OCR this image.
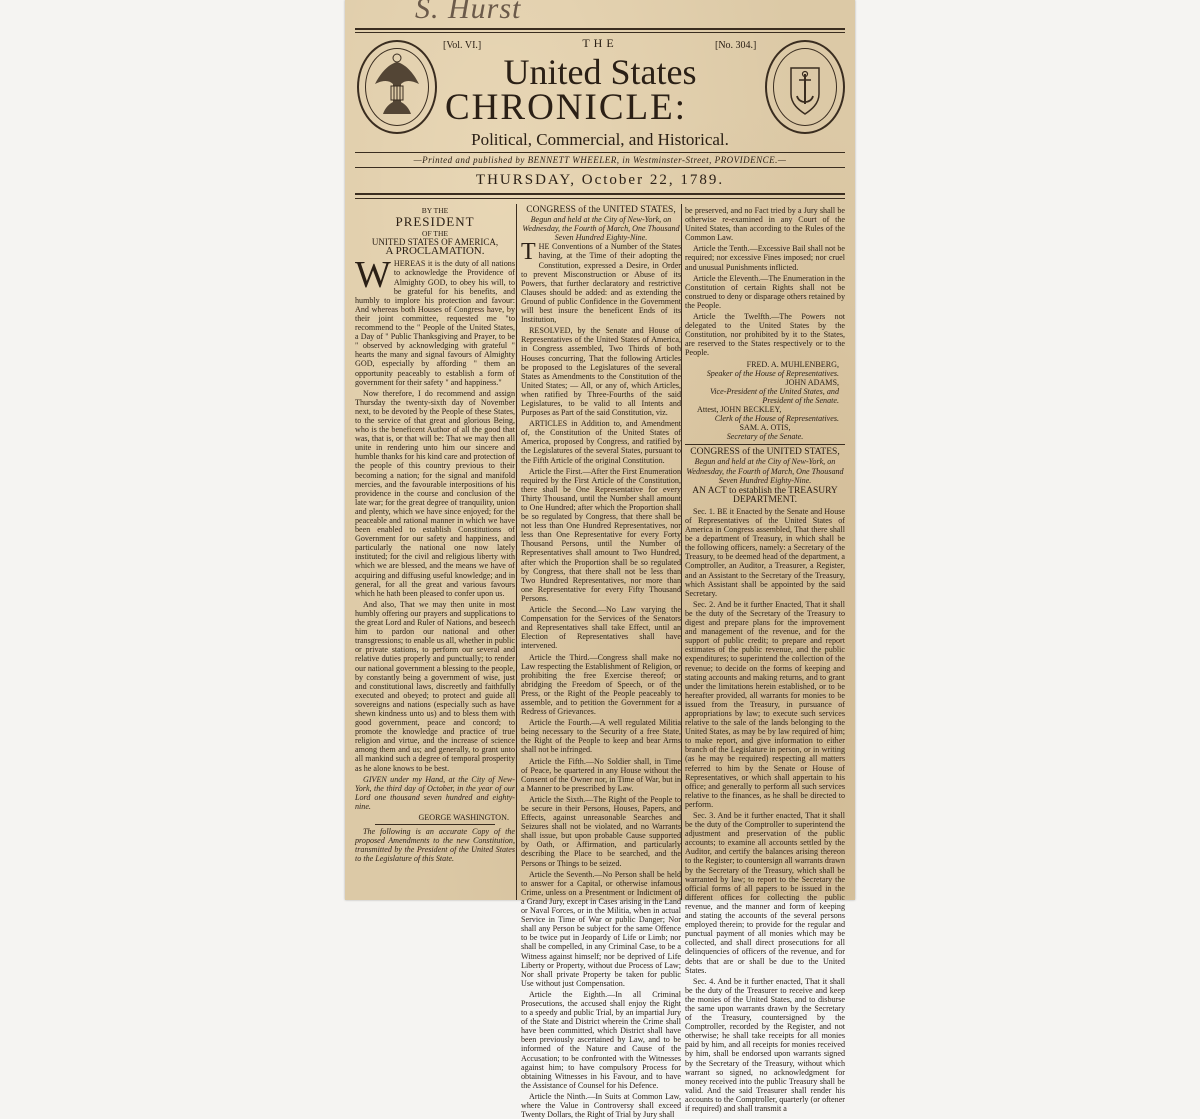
S. Hurst
[Vol. VI.]	[No. 304.]
THE
United States
CHRONICLE:
Political, Commercial, and Historical.
—Printed and published by BENNETT WHEELER, in Westminster-Street, PROVIDENCE.—
THURSDAY, October 22, 1789.
BY THE
PRESIDENT
OF THE
UNITED STATES OF AMERICA,
A PROCLAMATION.

WHEREAS it is the duty of all nations to acknowledge the Providence of Almighty GOD, to obey his will, to be grateful for his benefits, and humbly to implore his protection and favour: And whereas both Houses of Congress have, by their joint committee, requested me "to recommend to the " People of the United States, a Day of " Public Thanksgiving and Prayer, to be " observed by acknowledging with grateful " hearts the many and signal favours of Almighty GOD, especially by affording " them an opportunity peaceably to establish a form of government for their safety " and happiness."

Now therefore, I do recommend and assign Thursday the twenty-sixth day of November next, to be devoted by the People of these States, to the service of that great and glorious Being, who is the beneficent Author of all the good that was, that is, or that will be: That we may then all unite in rendering unto him our sincere and humble thanks for his kind care and protection of the people of this country previous to their becoming a nation; for the signal and manifold mercies, and the favourable interpositions of his providence in the course and conclusion of the late war; for the great degree of tranquility, union and plenty, which we have since enjoyed; for the peaceable and rational manner in which we have been enabled to establish Constitutions of Government for our safety and happiness, and particularly the national one now lately instituted; for the civil and religious liberty with which we are blessed, and the means we have of acquiring and diffusing useful knowledge; and in general, for all the great and various favours which he hath been pleased to confer upon us.

And also, That we may then unite in most humbly offering our prayers and supplications to the great Lord and Ruler of Nations, and beseech him to pardon our national and other transgressions; to enable us all, whether in public or private stations, to perform our several and relative duties properly and punctually; to render our national government a blessing to the people, by constantly being a government of wise, just and constitutional laws, discreetly and faithfully executed and obeyed; to protect and guide all sovereigns and nations (especially such as have shewn kindness unto us) and to bless them with good government, peace and concord; to promote the knowledge and practice of true religion and virtue, and the increase of science among them and us; and generally, to grant unto all mankind such a degree of temporal prosperity as he alone knows to be best.

GIVEN under my Hand, at the City of New-York, the third day of October, in the year of our Lord one thousand seven hundred and eighty-nine.

GEORGE WASHINGTON.

The following is an accurate Copy of the proposed Amendments to the new Constitution, transmitted by the President of the United States to the Legislature of this State.

CONGRESS of the UNITED STATES,
Begun and held at the City of New-York, on Wednesday, the Fourth of March, One Thousand Seven Hundred Eighty-Nine.

THE Conventions of a Number of the States having, at the Time of their adopting the Constitution, expressed a Desire, in Order to prevent Misconstruction or Abuse of its Powers, that further declaratory and restrictive Clauses should be added: and as extending the Ground of public Confidence in the Government will best insure the beneficent Ends of its Institution,

RESOLVED, by the Senate and House of Representatives of the United States of America, in Congress assembled, Two Thirds of both Houses concurring, That the following Articles be proposed to the Legislatures of the several States as Amendments to the Constitution of the United States; — All, or any of, which Articles, when ratified by Three-Fourths of the said Legislatures, to be valid to all Intents and Purposes as Part of the said Constitution, viz.

ARTICLES in Addition to, and Amendment of, the Constitution of the United States of America, proposed by Congress, and ratified by the Legislatures of the several States, pursuant to the Fifth Article of the original Constitution.

Article the First.—After the First Enumeration required by the First Article of the Constitution, there shall be One Representative for every Thirty Thousand, until the Number shall amount to One Hundred; after which the Proportion shall be so regulated by Congress, that there shall be not less than One Hundred Representatives, nor less than One Representative for every Forty Thousand Persons, until the Number of Representatives shall amount to Two Hundred, after which the Proportion shall be so regulated by Congress, that there shall not be less than Two Hundred Representatives, nor more than one Representative for every Fifty Thousand Persons.

Article the Second.—No Law varying the Compensation for the Services of the Senators and Representatives shall take Effect, until an Election of Representatives shall have intervened.

Article the Third.—Congress shall make no Law respecting the Establishment of Religion, or prohibiting the free Exercise thereof; or abridging the Freedom of Speech, or of the Press, or the Right of the People peaceably to assemble, and to petition the Government for a Redress of Grievances.

Article the Fourth.—A well regulated Militia being necessary to the Security of a free State, the Right of the People to keep and bear Arms shall not be infringed.

Article the Fifth.—No Soldier shall, in Time of Peace, be quartered in any House without the Consent of the Owner nor, in Time of War, but in a Manner to be prescribed by Law.

Article the Sixth.—The Right of the People to be secure in their Persons, Houses, Papers, and Effects, against unreasonable Searches and Seizures shall not be violated, and no Warrants shall issue, but upon probable Cause supported by Oath, or Affirmation, and particularly describing the Place to be searched, and the Persons or Things to be seized.

Article the Seventh.—No Person shall be held to answer for a Capital, or otherwise infamous Crime, unless on a Presentment or Indictment of a Grand Jury, except in Cases arising in the Land or Naval Forces, or in the Militia, when in actual Service in Time of War or public Danger; Nor shall any Person be subject for the same Offence to be twice put in Jeopardy of Life or Limb; nor shall be compelled, in any Criminal Case, to be a Witness against himself; nor be deprived of Life Liberty or Property, without due Process of Law; Nor shall private Property be taken for public Use without just Compensation.

Article the Eighth.—In all Criminal Prosecutions, the accused shall enjoy the Right to a speedy and public Trial, by an impartial Jury of the State and District wherein the Crime shall have been committed, which District shall have been previously ascertained by Law, and to be informed of the Nature and Cause of the Accusation; to be confronted with the Witnesses against him; to have compulsory Process for obtaining Witnesses in his Favour, and to have the Assistance of Counsel for his Defence.

Article the Ninth.—In Suits at Common Law, where the Value in Controversy shall exceed Twenty Dollars, the Right of Trial by Jury shall

be preserved, and no Fact tried by a Jury shall be otherwise re-examined in any Court of the United States, than according to the Rules of the Common Law.

Article the Tenth.—Excessive Bail shall not be required; nor excessive Fines imposed; nor cruel and unusual Punishments inflicted.

Article the Eleventh.—The Enumeration in the Constitution of certain Rights shall not be construed to deny or disparage others retained by the People.

Article the Twelfth.—The Powers not delegated to the United States by the Constitution, nor prohibited by it to the States, are reserved to the States respectively or to the People.

FRED. A. MUHLENBERG,
Speaker of the House of Representatives.
JOHN ADAMS,
Vice-President of the United States, and President of the Senate.
Attest, JOHN BECKLEY,
Clerk of the House of Representatives.
SAM. A. OTIS,
Secretary of the Senate.
CONGRESS of the UNITED STATES,
Begun and held at the City of New-York, on Wednesday, the Fourth of March, One Thousand Seven Hundred Eighty-Nine.
AN ACT to establish the TREASURY DEPARTMENT.

Sec. 1. BE it Enacted by the Senate and House of Representatives of the United States of America in Congress assembled, That there shall be a department of Treasury, in which shall be the following officers, namely: a Secretary of the Treasury, to be deemed head of the department, a Comptroller, an Auditor, a Treasurer, a Register, and an Assistant to the Secretary of the Treasury, which Assistant shall be appointed by the said Secretary.

Sec. 2. And be it further Enacted, That it shall be the duty of the Secretary of the Treasury to digest and prepare plans for the improvement and management of the revenue, and for the support of public credit; to prepare and report estimates of the public revenue, and the public expenditures; to superintend the collection of the revenue; to decide on the forms of keeping and stating accounts and making returns, and to grant under the limitations herein established, or to be hereafter provided, all warrants for monies to be issued from the Treasury, in pursuance of appropriations by law; to execute such services relative to the sale of the lands belonging to the United States, as may be by law required of him; to make report, and give information to either branch of the Legislature in person, or in writing (as he may be required) respecting all matters referred to him by the Senate or House of Representatives, or which shall appertain to his office; and generally to perform all such services relative to the finances, as he shall be directed to perform.

Sec. 3. And be it further enacted, That it shall be the duty of the Comptroller to superintend the adjustment and preservation of the public accounts; to examine all accounts settled by the Auditor, and certify the balances arising thereon to the Register; to countersign all warrants drawn by the Secretary of the Treasury, which shall be warranted by law; to report to the Secretary the official forms of all papers to be issued in the different offices for collecting the public revenue, and the manner and form of keeping and stating the accounts of the several persons employed therein; to provide for the regular and punctual payment of all monies which may be collected, and shall direct prosecutions for all delinquencies of officers of the revenue, and for debts that are or shall be due to the United States.

Sec. 4. And be it further enacted, That it shall be the duty of the Treasurer to receive and keep the monies of the United States, and to disburse the same upon warrants drawn by the Secretary of the Treasury, countersigned by the Comptroller, recorded by the Register, and not otherwise; he shall take receipts for all monies paid by him, and all receipts for monies received by him, shall be endorsed upon warrants signed by the Secretary of the Treasury, without which warrant so signed, no acknowledgment for money received into the public Treasury shall be valid. And the said Treasurer shall render his accounts to the Comptroller, quarterly (or oftener if required) and shall transmit a
